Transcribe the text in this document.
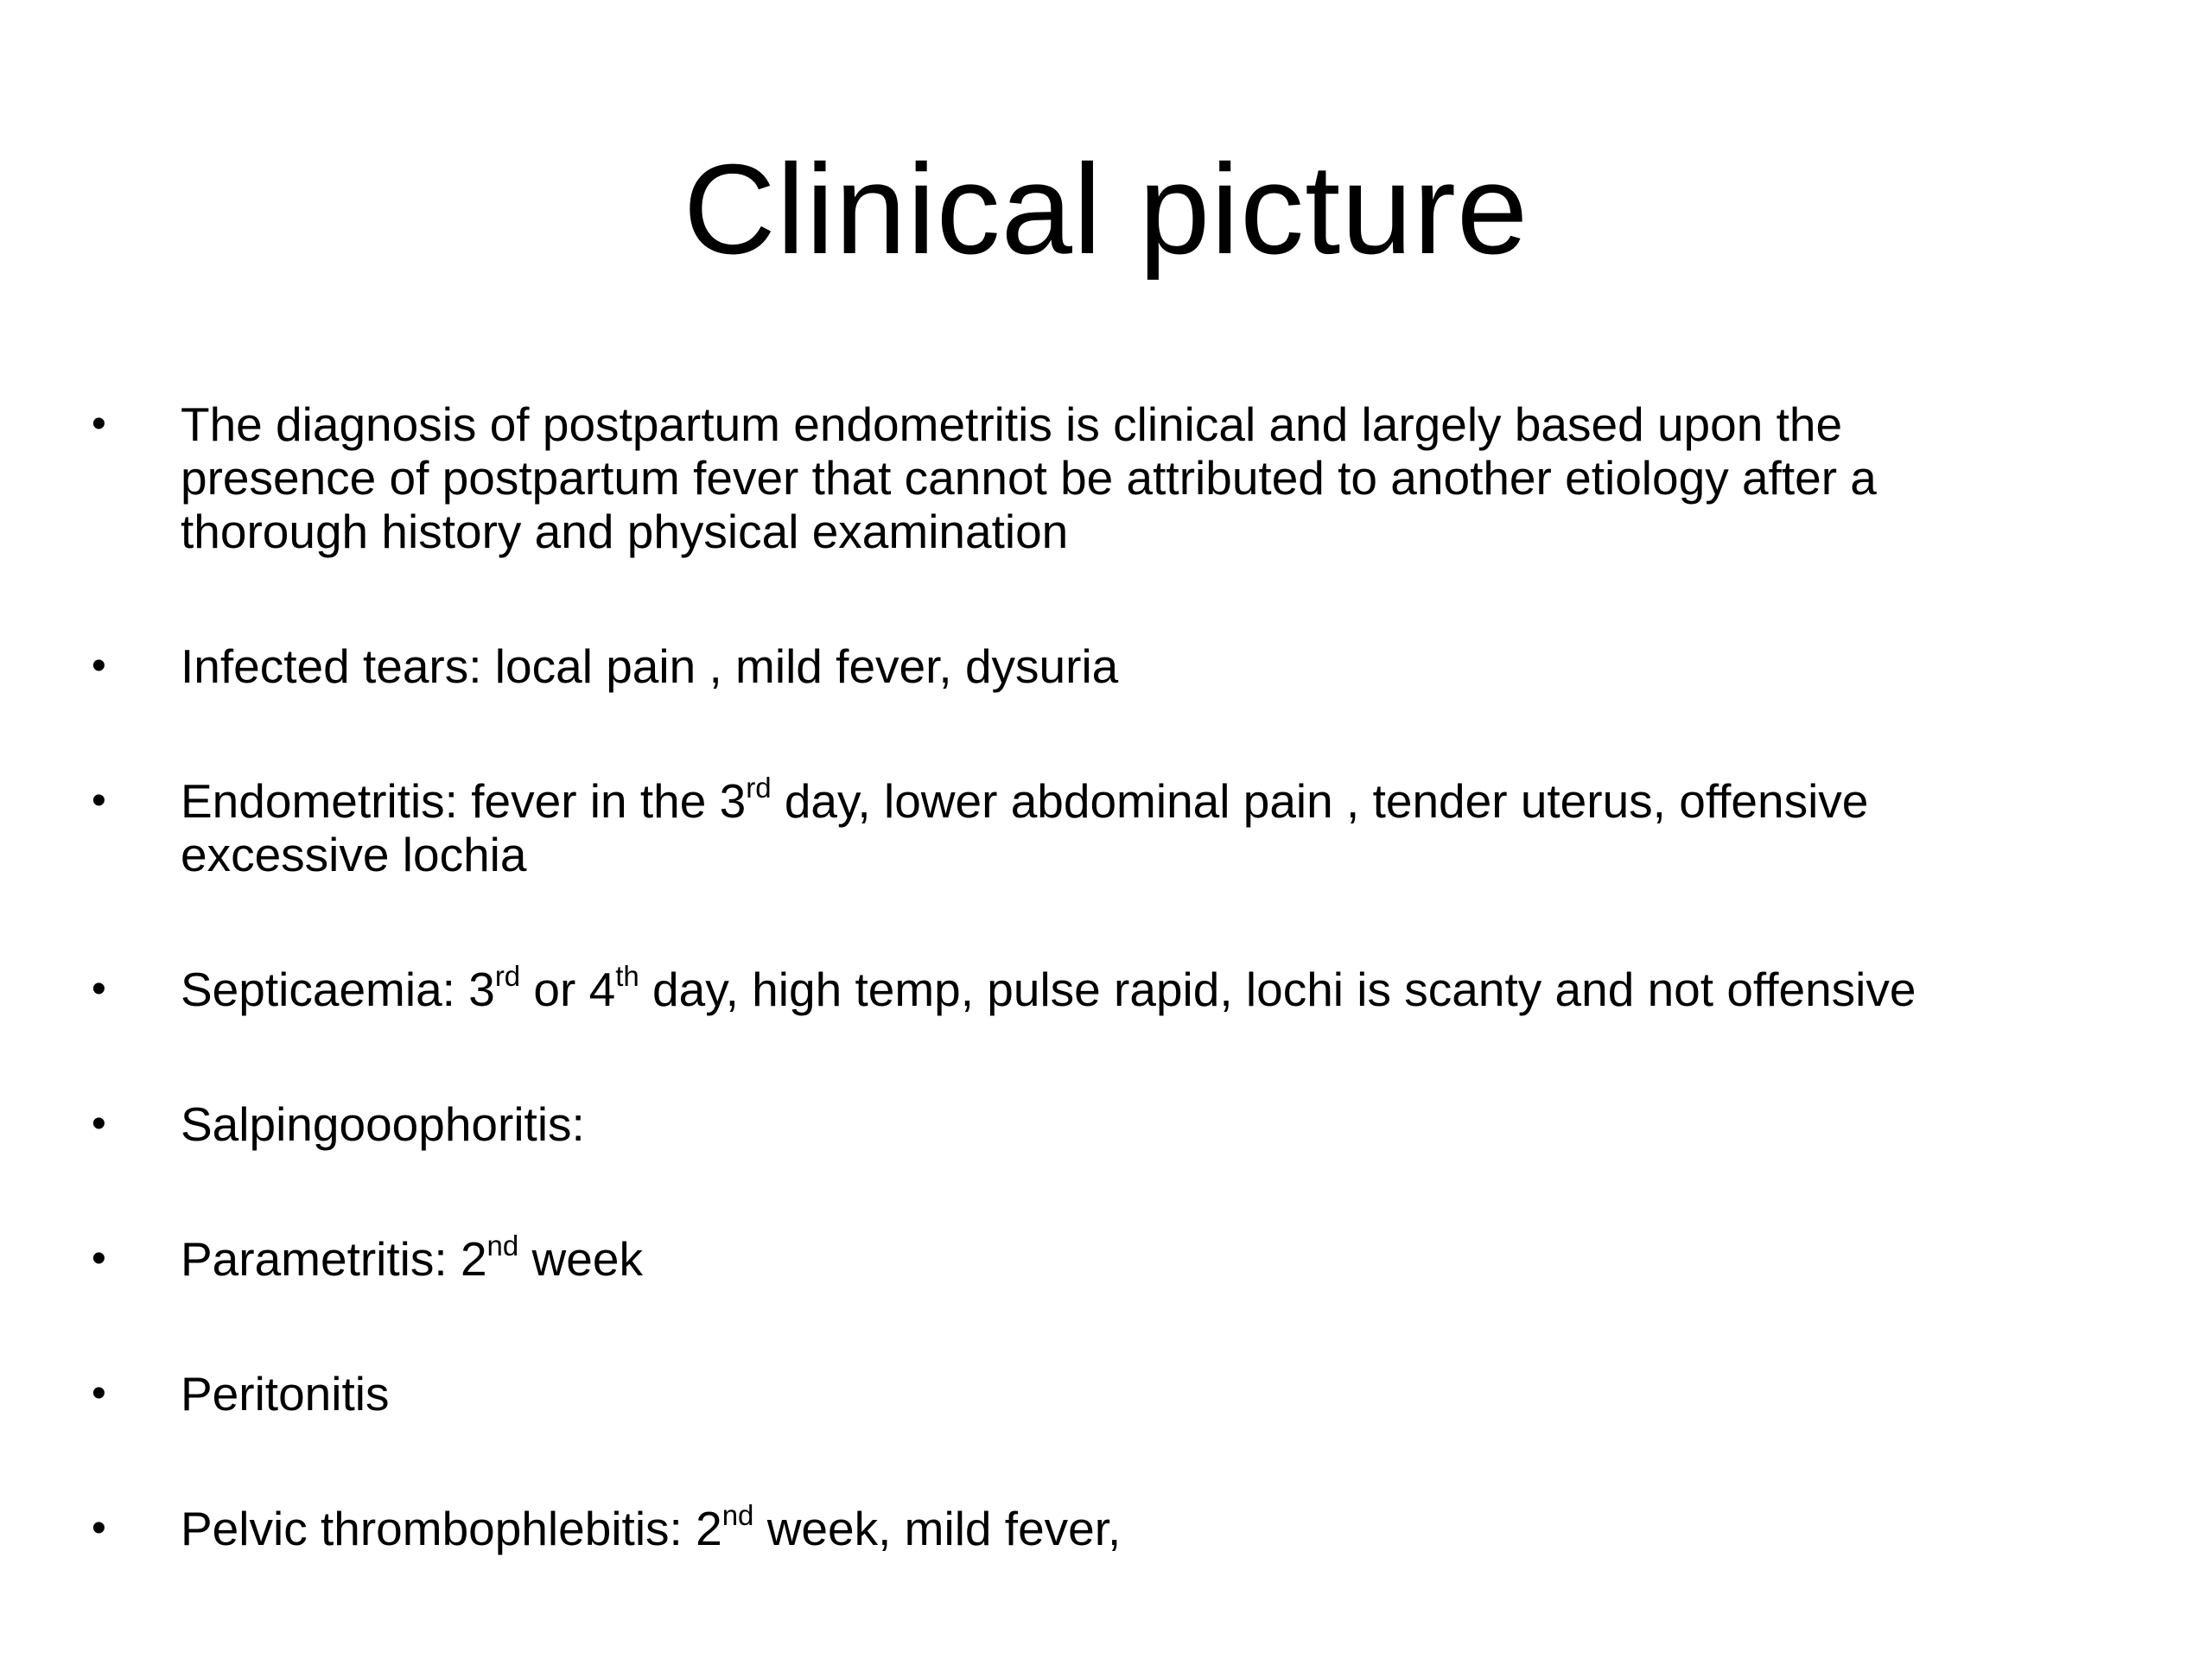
Clinical picture
•	The diagnosis of postpartum endometritis is clinical and largely based upon the
presence of postpartum fever that cannot be attributed to another etiology after a
thorough history and physical examination
•	Infected tears: local pain , mild fever, dysuria
•	Endometritis: fever in the 3rd day, lower abdominal pain , tender uterus, offensive
excessive lochia
•	Septicaemia: 3rd or 4th day, high temp, pulse rapid, lochi is scanty and not offensive
•	Salpingooophoritis:
•	Parametritis: 2nd week
•	Peritonitis
•	Pelvic thrombophlebitis: 2nd week, mild fever,
